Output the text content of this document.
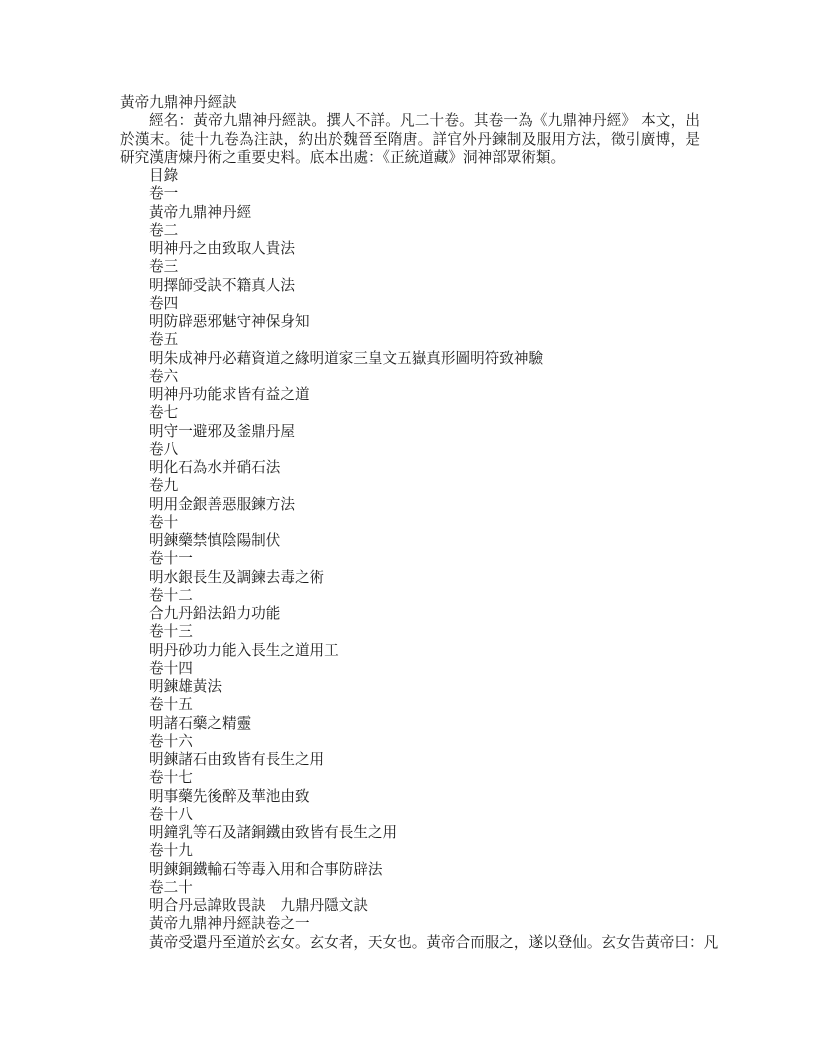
黃帝九鼎神丹經訣
經名：黃帝九鼎神丹經訣。撰人不詳。凡二十卷。其卷一為《九鼎神丹經》 本文，出於漢末。徒十九卷為注訣，約出於魏晉至隋唐。詳官外丹鍊制及服用方法，徵引廣博，是研究漢唐煉丹術之重要史料。底本出處：《正統道藏》洞神部眾術類。
目錄
卷一
黃帝九鼎神丹經
卷二
明神丹之由致取人貴法
卷三
明擇師受訣不籍真人法
卷四
明防辟惡邪魅守神保身知
卷五
明朱成神丹必藉資道之緣明道家三皇文五嶽真形圖明符致神驗
卷六
明神丹功能求皆有益之道
卷七
明守一避邪及釜鼎丹屋
卷八
明化石為水并硝石法
卷九
明用金銀善惡服鍊方法
卷十
明鍊藥禁慎陰陽制伏
卷十一
明水銀長生及調鍊去毒之術
卷十二
合九丹鉛法鉛力功能
卷十三
明丹砂功力能入長生之道用工
卷十四
明鍊雄黃法
卷十五
明諸石藥之精靈
卷十六
明鍊諸石由致皆有長生之用
卷十七
明事藥先後醉及華池由致
卷十八
明鐘乳等石及諸銅鐵由致皆有長生之用
卷十九
明鍊銅鐵輸石等毒入用和合事防辟法
卷二十
明合丹忌諱敗畏訣　九鼎丹隱文訣
黃帝九鼎神丹經訣卷之一
黃帝受還丹至道於玄女。玄女者，天女也。黃帝合而服之，遂以登仙。玄女告黃帝曰：凡
